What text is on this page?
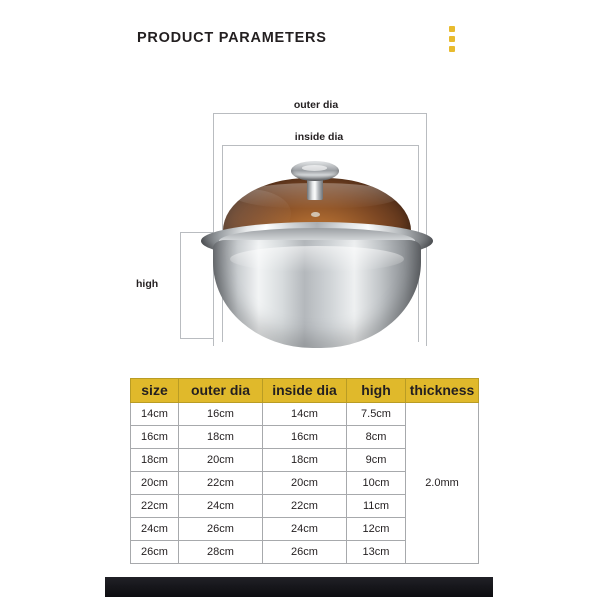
PRODUCT PARAMETERS
outer dia
inside dia
high
size	outer dia	inside dia	high	thickness
14cm	16cm	14cm	7.5cm	2.0mm
16cm	18cm	16cm	8cm	
18cm	20cm	18cm	9cm	
20cm	22cm	20cm	10cm	
22cm	24cm	22cm	11cm	
24cm	26cm	24cm	12cm	
26cm	28cm	26cm	13cm	
